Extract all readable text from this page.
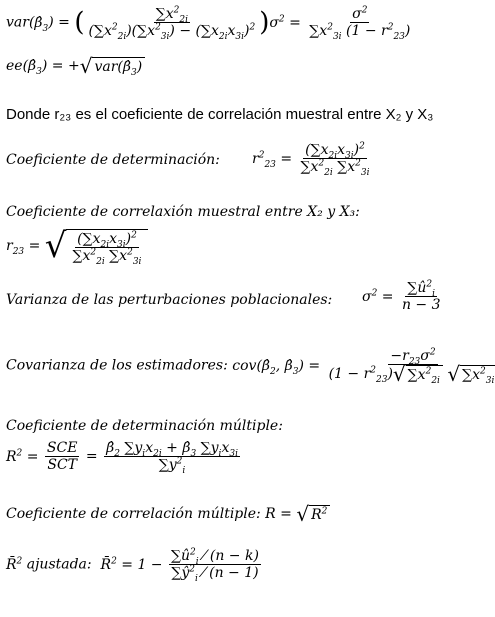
$var(\betâ_3)$ = ( $\frac{\sum x^2_{2i}}{(\sum x^2_{2i})(\sum x^2_{3i}) - (\sum x_{2i}x_{3i})^2} )\sigma^2 = \frac{\sigma^2}{\sum x^2_{3i} (1 - r^2_{23})}$
$ee(\betâ_3)$ = +√ $var(\betâ_3)$
Donde r₂₃ es el coeficiente de correlación muestral entre X₂ y X₃
Coeficiente de determinación: $r^2_{23} = \frac{(\sum x_{2i}x_{3i})^2}{\sum x^2_{2i} \sum x^2_{3i}}$
Coeficiente de correlaxión muestral entre X₂ y X₃:
$r_{23}$ = √ $\frac{(\sum x_{2i}x_{3i})^2}{\sum x^2_{2i} \sum x^2_{3i}}$
Varianza de las perturbaciones poblacionales: $\sigma^2 = \frac{\sum û^2_i}{n - 3}$
Covarianza de los estimadores: $cov(\betâ_2$, $\betâ_3) = \frac{-r_{23}\sigma^2}{(1 - r^2_{23})√ \sum x^2_{2i} √ \sum x^2_{3i}}$
Coeficiente de determinación múltiple:
$R^2 = \frac{\text{SCE}}{\text{SCT}} = \frac{\betâ_2 \sum y_ix_{2i} + \betâ_3 \sum y_ix_{3i}}{\sum y^2_i}$
Coeficiente de correlación múltiple: R = √ $R^2$
R̄$^2$ ajustada:  R̄$^2$ = $1 - \frac{\sum û^2_i ⁄ (n - k)}{\sum ŷ^2_i ⁄ (n - 1)}$
